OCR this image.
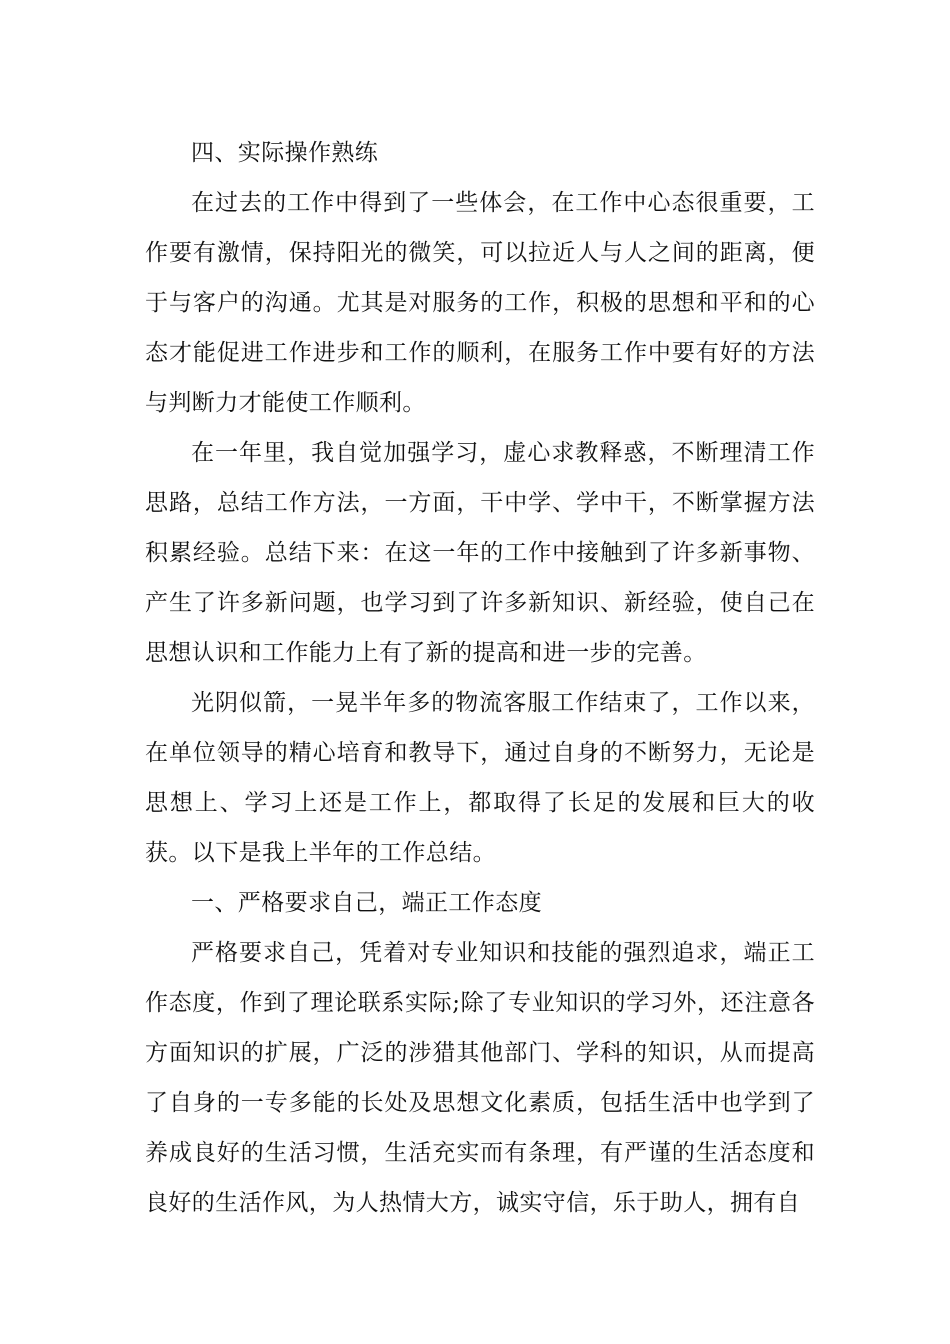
四、实际操作熟练

在过去的工作中得到了一些体会，在工作中心态很重要，工作要有激情，保持阳光的微笑，可以拉近人与人之间的距离，便于与客户的沟通。尤其是对服务的工作，积极的思想和平和的心态才能促进工作进步和工作的顺利，在服务工作中要有好的方法与判断力才能使工作顺利。

在一年里，我自觉加强学习，虚心求教释惑，不断理清工作思路，总结工作方法，一方面，干中学、学中干，不断掌握方法积累经验。总结下来：在这一年的工作中接触到了许多新事物、产生了许多新问题，也学习到了许多新知识、新经验，使自己在思想认识和工作能力上有了新的提高和进一步的完善。

光阴似箭，一晃半年多的物流客服工作结束了，工作以来，在单位领导的精心培育和教导下，通过自身的不断努力，无论是思想上、学习上还是工作上，都取得了长足的发展和巨大的收获。以下是我上半年的工作总结。

一、严格要求自己，端正工作态度

严格要求自己，凭着对专业知识和技能的强烈追求，端正工作态度，作到了理论联系实际;除了专业知识的学习外，还注意各方面知识的扩展，广泛的涉猎其他部门、学科的知识，从而提高了自身的一专多能的长处及思想文化素质，包括生活中也学到了养成良好的生活习惯，生活充实而有条理，有严谨的生活态度和良好的生活作风，为人热情大方，诚实守信，乐于助人，拥有自
